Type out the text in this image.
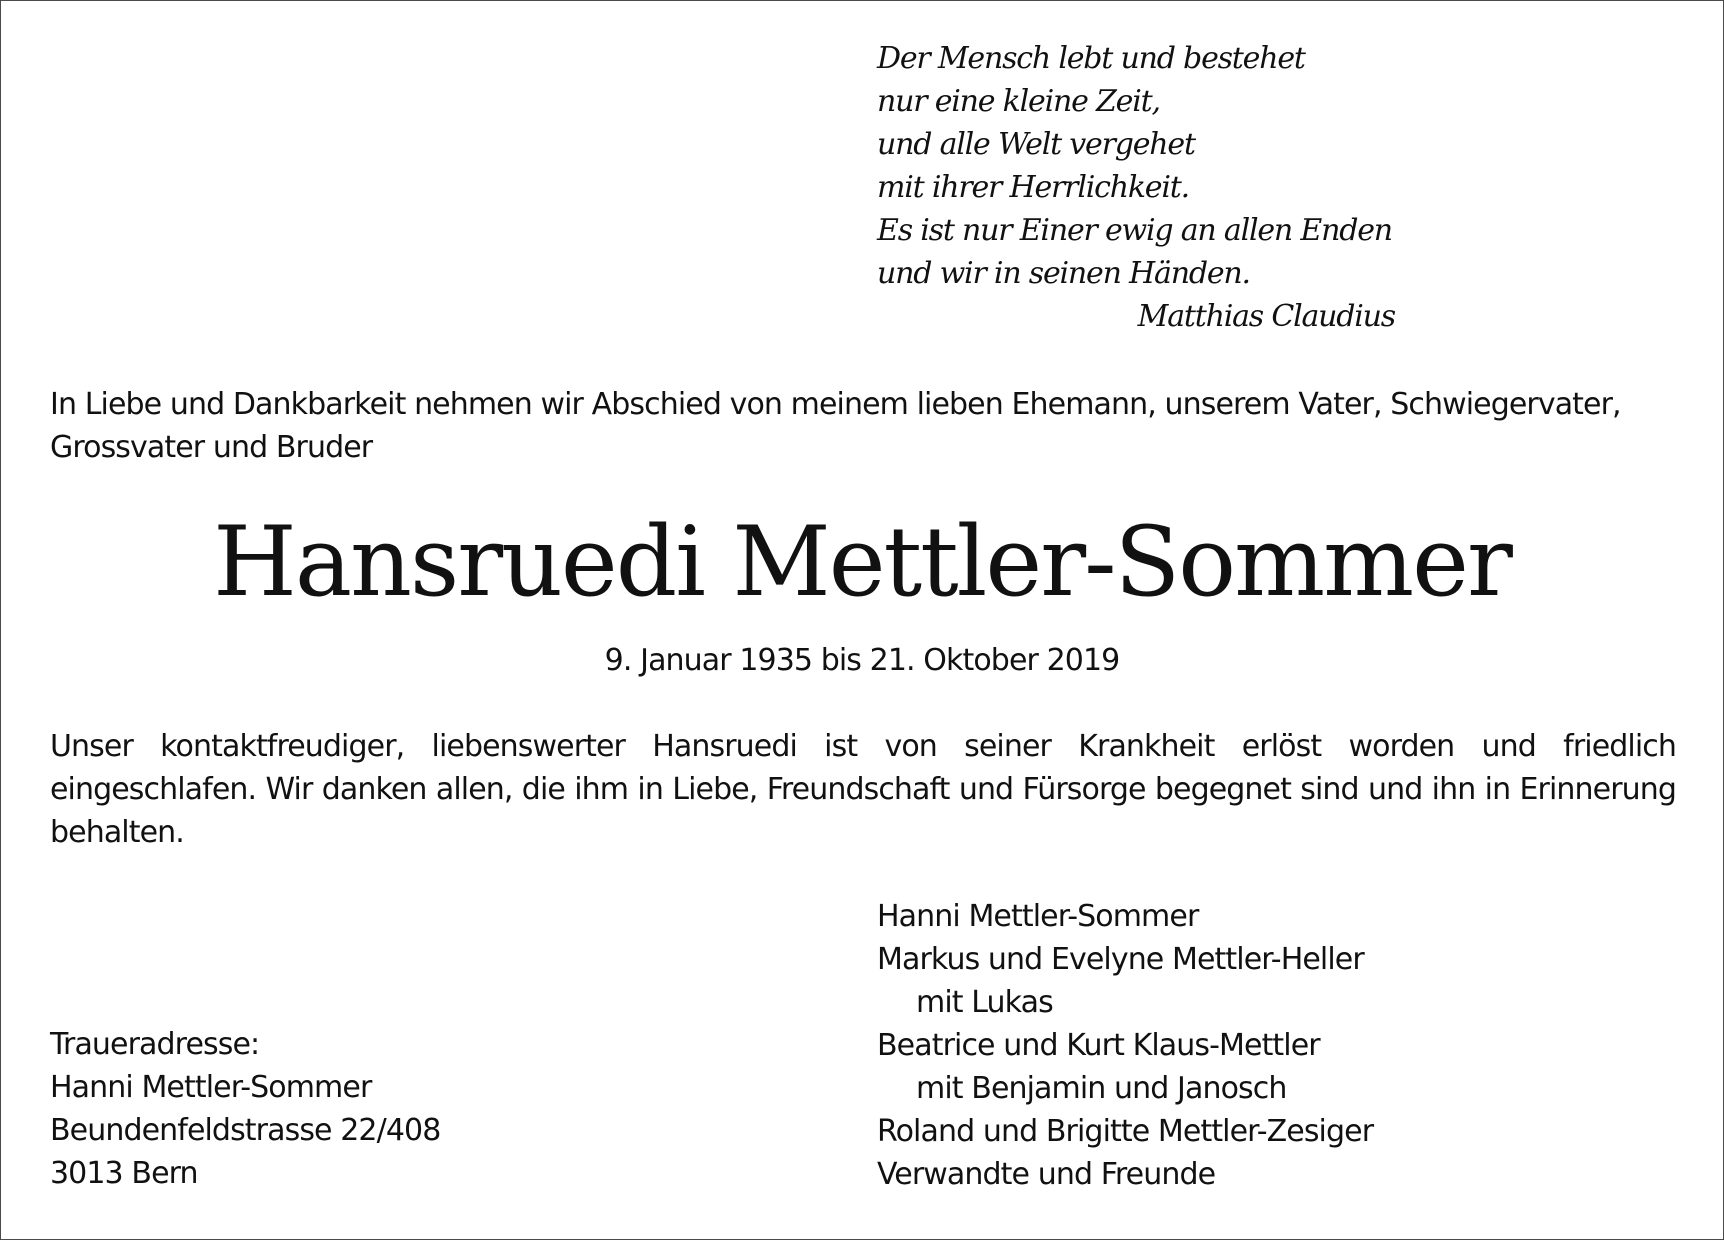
Der Mensch lebt und bestehet
nur eine kleine Zeit,
und alle Welt vergehet
mit ihrer Herrlichkeit.
Es ist nur Einer ewig an allen Enden
und wir in seinen Händen.
Matthias Claudius
In Liebe und Dankbarkeit nehmen wir Abschied von meinem lieben Ehemann, unserem Vater, Schwiegervater, Grossvater und Bruder
Hansruedi Mettler-Sommer
9. Januar 1935 bis 21. Oktober 2019
Unser kontaktfreudiger, liebenswerter Hansruedi ist von seiner Krankheit erlöst worden und friedlich eingeschlafen. Wir danken allen, die ihm in Liebe, Freundschaft und Fürsorge begegnet sind und ihn in Erinnerung behalten.
Traueradresse:
Hanni Mettler-Sommer
Beundenfeldstrasse 22/408
3013 Bern
Hanni Mettler-Sommer
Markus und Evelyne Mettler-Heller
mit Lukas
Beatrice und Kurt Klaus-Mettler
mit Benjamin und Janosch
Roland und Brigitte Mettler-Zesiger
Verwandte und Freunde
